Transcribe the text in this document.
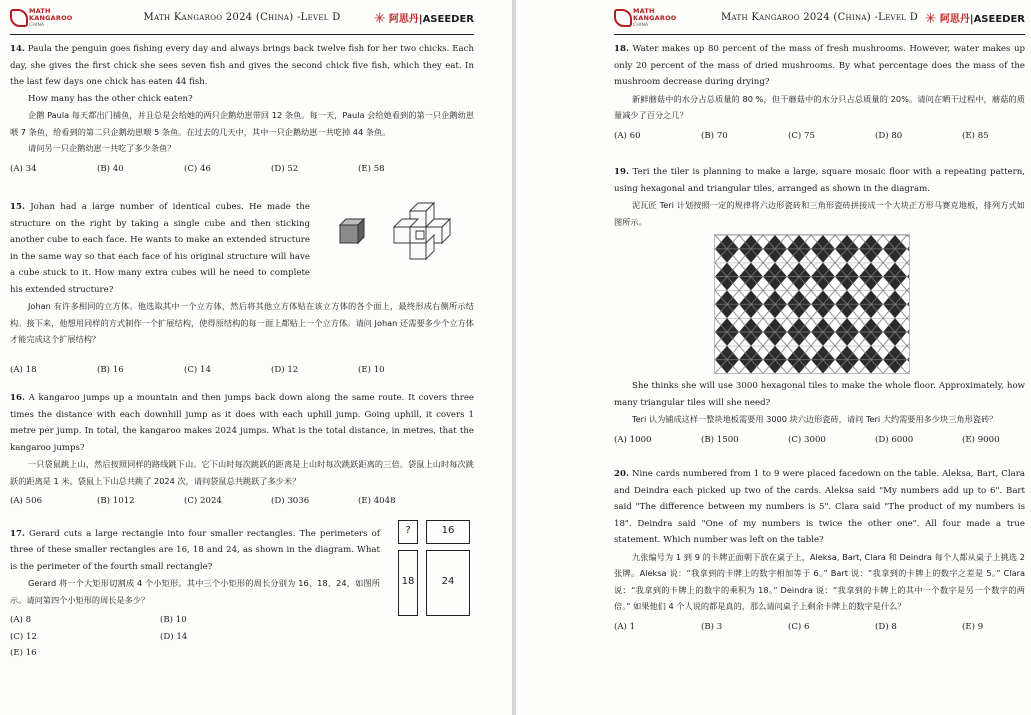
MATH
KANGAROO
CHINA
Math Kangaroo 2024 (China) -Level D	✳ 阿思丹|ASEEDER

14. Paula the penguin goes fishing every day and always brings back twelve fish for her two chicks. Each day, she gives the first chick she sees seven fish and gives the second chick five fish, which they eat. In the last few days one chick has eaten 44 fish.

How many has the other chick eaten?

企鹅 Paula 每天都出门捕鱼，并且总是会给她的两只企鹅幼崽带回 12 条鱼。每一天，Paula 会给她看到的第一只企鹅幼崽喂 7 条鱼，给看到的第二只企鹅幼崽喂 5 条鱼。在过去的几天中，其中一只企鹅幼崽一共吃掉 44 条鱼。

请问另一只企鹅幼崽一共吃了多少条鱼？

(A) 34	(B) 40	(C) 46	(D) 52	(E) 58

15. Johan had a large number of identical cubes. He made the structure on the right by taking a single cube and then sticking another cube to each face. He wants to make an extended structure in the same way so that each face of his original structure will have a cube stuck to it. How many extra cubes will he need to complete his extended structure?

Johan 有许多相同的立方体。他选取其中一个立方体，然后将其他立方体贴在该立方体的各个面上，最终形成右侧所示结构。接下来，他想用同样的方式制作一个扩展结构，使得原结构的每一面上都贴上一个立方体。请问 Johan 还需要多少个立方体才能完成这个扩展结构？

(A) 18	(B) 16	(C) 14	(D) 12	(E) 10

16. A kangaroo jumps up a mountain and then jumps back down along the same route. It covers three times the distance with each downhill jump as it does with each uphill jump. Going uphill, it covers 1 metre per jump. In total, the kangaroo makes 2024 jumps. What is the total distance, in metres, that the kangaroo jumps?

一只袋鼠跳上山，然后按照同样的路线跳下山。它下山时每次跳跃的距离是上山时每次跳跃距离的三倍。袋鼠上山时每次跳跃的距离是 1 米。袋鼠上下山总共跳了 2024 次，请问袋鼠总共跳跃了多少米？

(A) 506	(B) 1012	(C) 2024	(D) 3036	(E) 4048

17. Gerard cuts a large rectangle into four smaller rectangles. The perimeters of three of these smaller rectangles are 16, 18 and 24, as shown in the diagram. What is the perimeter of the fourth small rectangle?

Gerard 将一个大矩形切割成 4 个小矩形。其中三个小矩形的周长分别为 16、18、24，如图所示。请问第四个小矩形的周长是多少？

?	16
18	24
(A) 8	(B) 10
(C) 12	(D) 14
(E) 16
MATH
KANGAROO
CHINA
Math Kangaroo 2024 (China) -Level D ✳ 阿思丹|ASEEDER

18. Water makes up 80 percent of the mass of fresh mushrooms. However, water makes up only 20 percent of the mass of dried mushrooms. By what percentage does the mass of the mushroom decrease during drying?

新鲜蘑菇中的水分占总质量的 80 %，但干蘑菇中的水分只占总质量的 20%。请问在晒干过程中，蘑菇的质量减少了百分之几？

(A) 60	(B) 70	(C) 75	(D) 80	(E) 85

19. Teri the tiler is planning to make a large, square mosaic floor with a repeating pattern, using hexagonal and triangular tiles, arranged as shown in the diagram.

泥瓦匠 Teri 计划按照一定的规律将六边形瓷砖和三角形瓷砖拼接成一个大块正方形马赛克地板，排列方式如图所示。

She thinks she will use 3000 hexagonal tiles to make the whole floor. Approximately, how many triangular tiles will she need?

Teri 认为铺成这样一整块地板需要用 3000 块六边形瓷砖，请问 Teri 大约需要用多少块三角形瓷砖？

(A) 1000	(B) 1500	(C) 3000	(D) 6000	(E) 9000

20. Nine cards numbered from 1 to 9 were placed facedown on the table. Aleksa, Bart, Clara and Deindra each picked up two of the cards. Aleksa said "My numbers add up to 6". Bart said "The difference between my numbers is 5". Clara said "The product of my numbers is 18". Deindra said "One of my numbers is twice the other one". All four made a true statement. Which number was left on the table?

九张编号为 1 到 9 的卡牌正面朝下放在桌子上，Aleksa, Bart, Clara 和 Deindra 每个人都从桌子上挑选 2 张牌。Aleksa 说：“我拿到的卡牌上的数字相加等于 6。” Bart 说：“我拿到的卡牌上的数字之差是 5。” Clara 说：“我拿到的卡牌上的数字的乘积为 18。” Deindra 说：“我拿到的卡牌上的其中一个数字是另一个数字的两倍。” 如果他们 4 个人说的都是真的，那么请问桌子上剩余卡牌上的数字是什么？

(A) 1	(B) 3	(C) 6	(D) 8	(E) 9
